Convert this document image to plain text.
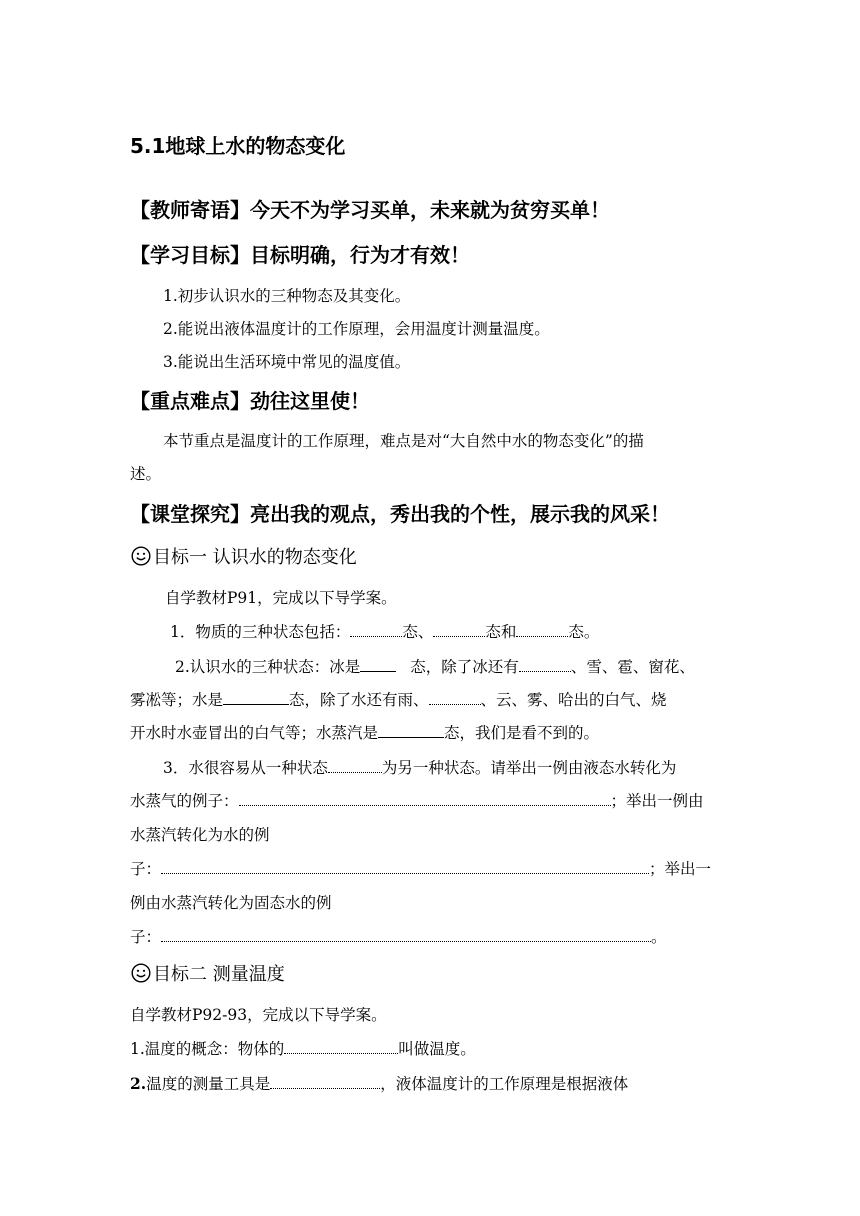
5.1地球上水的物态变化
【教师寄语】今天不为学习买单，未来就为贫穷买单！
【学习目标】目标明确，行为才有效！
1.初步认识水的三种物态及其变化。
2.能说出液体温度计的工作原理，会用温度计测量温度。
3.能说出生活环境中常见的温度值。
【重点难点】劲往这里使！
本节重点是温度计的工作原理，难点是对“大自然中水的物态变化”的描
述。
【课堂探究】亮出我的观点，秀出我的个性，展示我的风采！
目标一 认识水的物态变化
自学教材P91，完成以下导学案。
1．物质的三种状态包括：	态、	态和	态。
2.认识水的三种状态：冰是	态，除了冰还有	、雪、雹、窗花、
雾凇等；水是	态，除了水还有雨、	、云、雾、哈出的白气、烧
开水时水壶冒出的白气等；水蒸汽是	态，我们是看不到的。
3．水很容易从一种状态	为另一种状态。请举出一例由液态水转化为
水蒸气的例子：	；举出一例由
水蒸汽转化为水的例
子：	；举出一
例由水蒸汽转化为固态水的例
子：	。
目标二 测量温度
自学教材P92-93，完成以下导学案。
1.温度的概念：物体的	叫做温度。
2.温度的测量工具是	，液体温度计的工作原理是根据液体
